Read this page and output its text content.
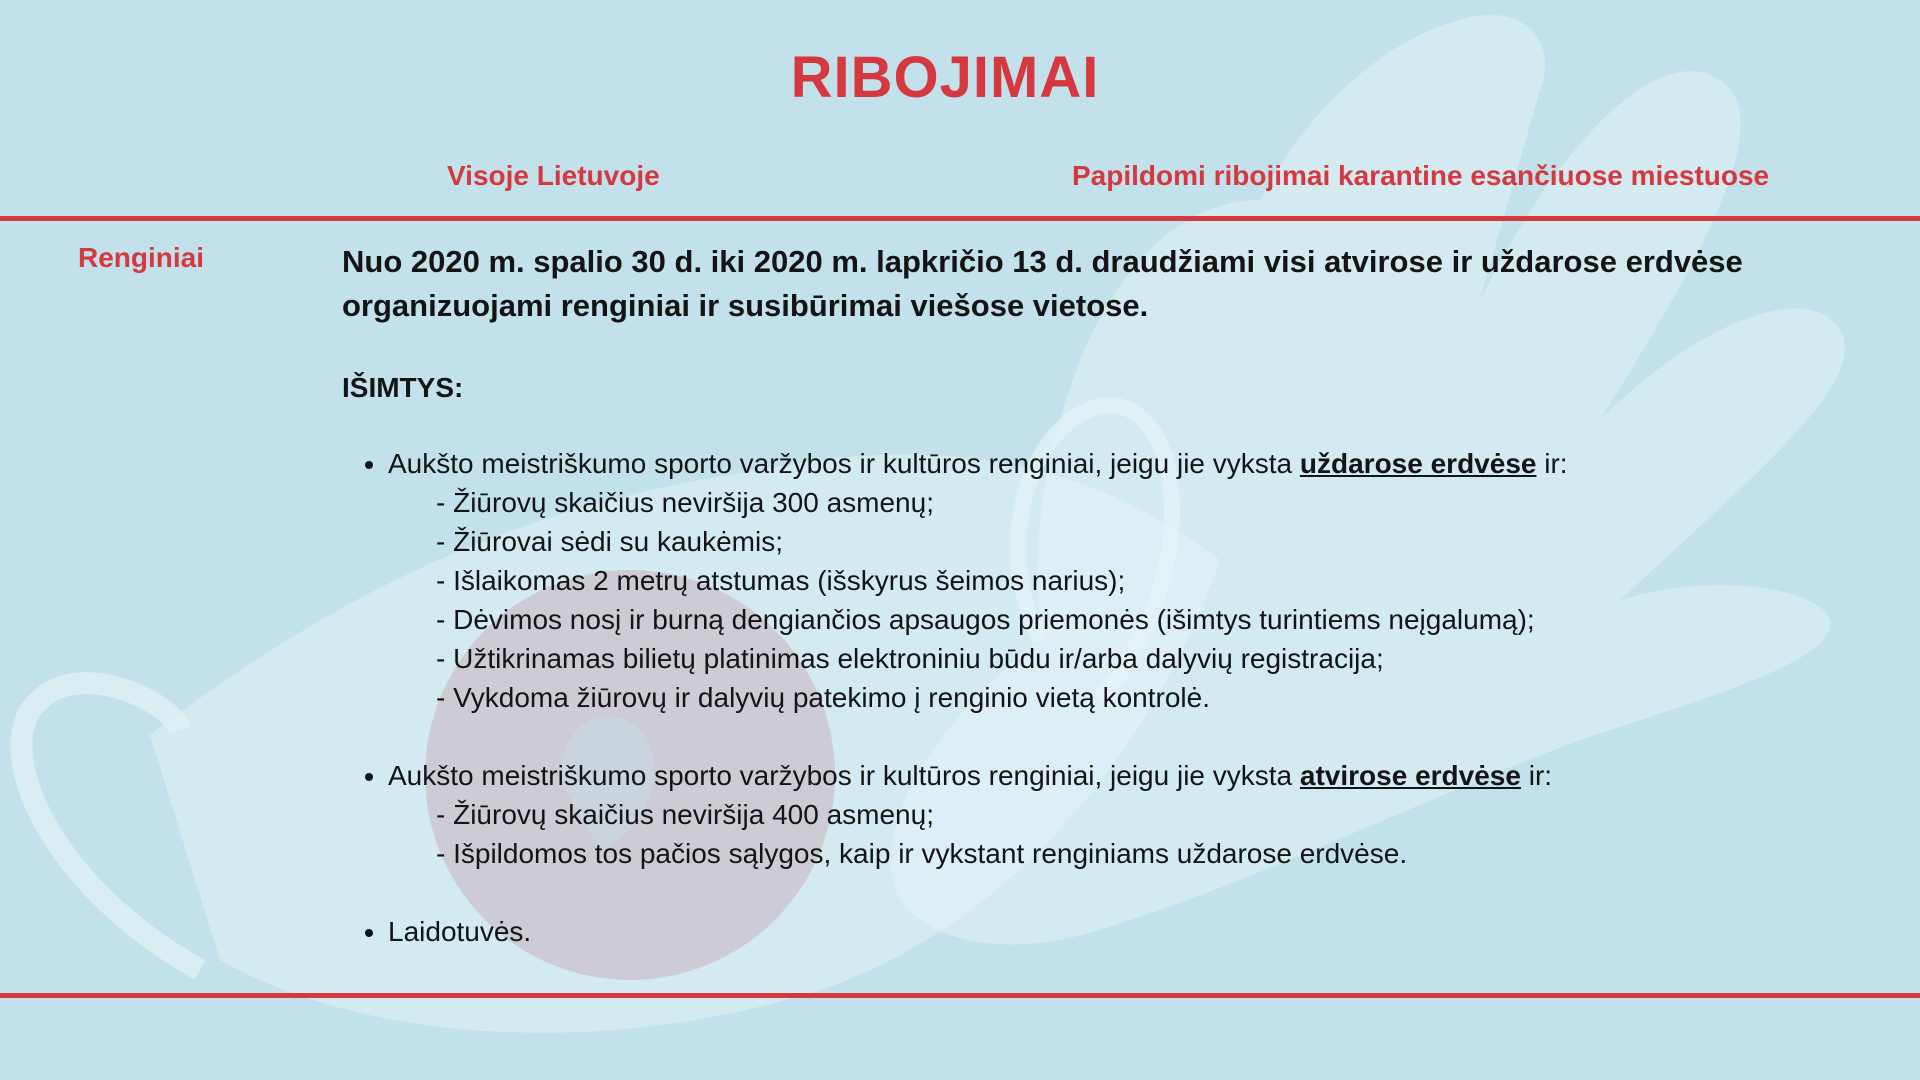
RIBOJIMAI
Visoje Lietuvoje	Papildomi ribojimai karantine esančiuose miestuose
Renginiai	Nuo 2020 m. spalio 30 d. iki 2020 m. lapkričio 13 d. draudžiami visi atvirose ir uždarose erdvėse organizuojami renginiai ir susibūrimai viešose vietose.

IŠIMTYS:
• Aukšto meistriškumo sporto varžybos ir kultūros renginiai, jeigu jie vyksta uždarose erdvėse ir:
- Žiūrovų skaičius neviršija 300 asmenų;
- Žiūrovai sėdi su kaukėmis;
- Išlaikomas 2 metrų atstumas (išskyrus šeimos narius);
- Dėvimos nosį ir burną dengiančios apsaugos priemonės (išimtys turintiems neįgalumą);
- Užtikrinamas bilietų platinimas elektroniniu būdu ir/arba dalyvių registracija;
- Vykdoma žiūrovų ir dalyvių patekimo į renginio vietą kontrolė.
• Aukšto meistriškumo sporto varžybos ir kultūros renginiai, jeigu jie vyksta atvirose erdvėse ir:
- Žiūrovų skaičius neviršija 400 asmenų;
- Išpildomos tos pačios sąlygos, kaip ir vykstant renginiams uždarose erdvėse.
• Laidotuvės.
